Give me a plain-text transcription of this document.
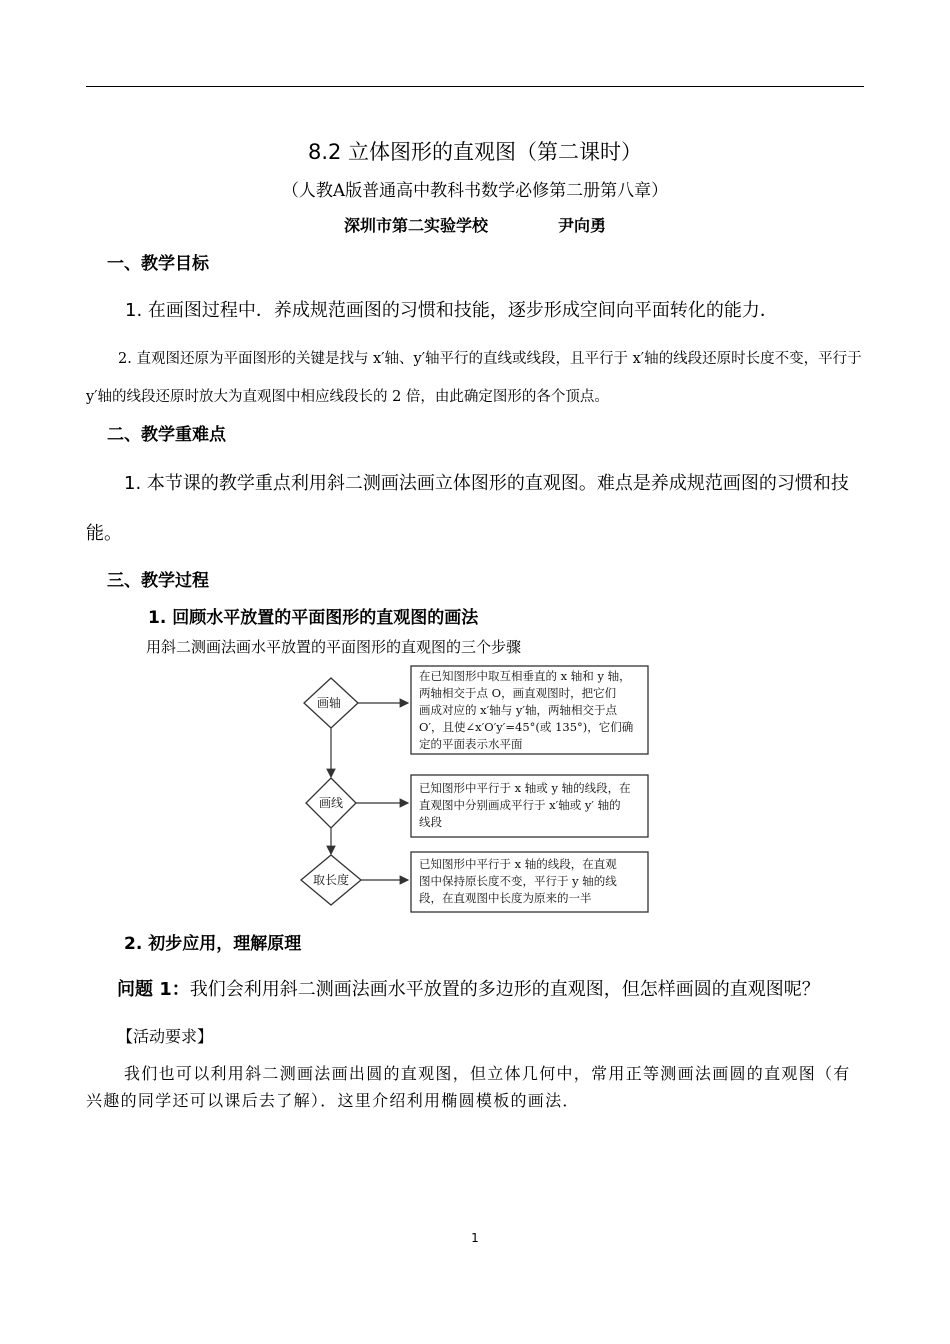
8.2 立体图形的直观图（第二课时）
（人教A版普通高中教科书数学必修第二册第八章）
深圳市第二实验学校	尹向勇
一、教学目标
1. 在画图过程中．养成规范画图的习惯和技能，逐步形成空间向平面转化的能力．
2. 直观图还原为平面图形的关键是找与 x′轴、y′轴平行的直线或线段，且平行于 x′轴的线段还原时长度不变，平行于 y′轴的线段还原时放大为直观图中相应线段长的 2 倍，由此确定图形的各个顶点。
二、教学重难点
1. 本节课的教学重点利用斜二测画法画立体图形的直观图。难点是养成规范画图的习惯和技能。
三、教学过程
1. 回顾水平放置的平面图形的直观图的画法
用斜二测画法画水平放置的平面图形的直观图的三个步骤
画轴
画线
取长度
在已知图形中取互相垂直的 x 轴和 y 轴，
两轴相交于点 O，画直观图时，把它们
画成对应的 x′轴与 y′轴，两轴相交于点
O′，且使∠x′O′y′=45°(或 135°)，它们确
定的平面表示水平面
已知图形中平行于 x 轴或 y 轴的线段，在
直观图中分别画成平行于 x′轴或 y′ 轴的
线段
已知图形中平行于 x 轴的线段，在直观
图中保持原长度不变，平行于 y 轴的线
段，在直观图中长度为原来的一半
2. 初步应用，理解原理
问题 1：我们会利用斜二测画法画水平放置的多边形的直观图，但怎样画圆的直观图呢？
【活动要求】
我们也可以利用斜二测画法画出圆的直观图，但立体几何中，常用正等测画法画圆的直观图（有兴趣的同学还可以课后去了解）．这里介绍利用椭圆模板的画法．
1
